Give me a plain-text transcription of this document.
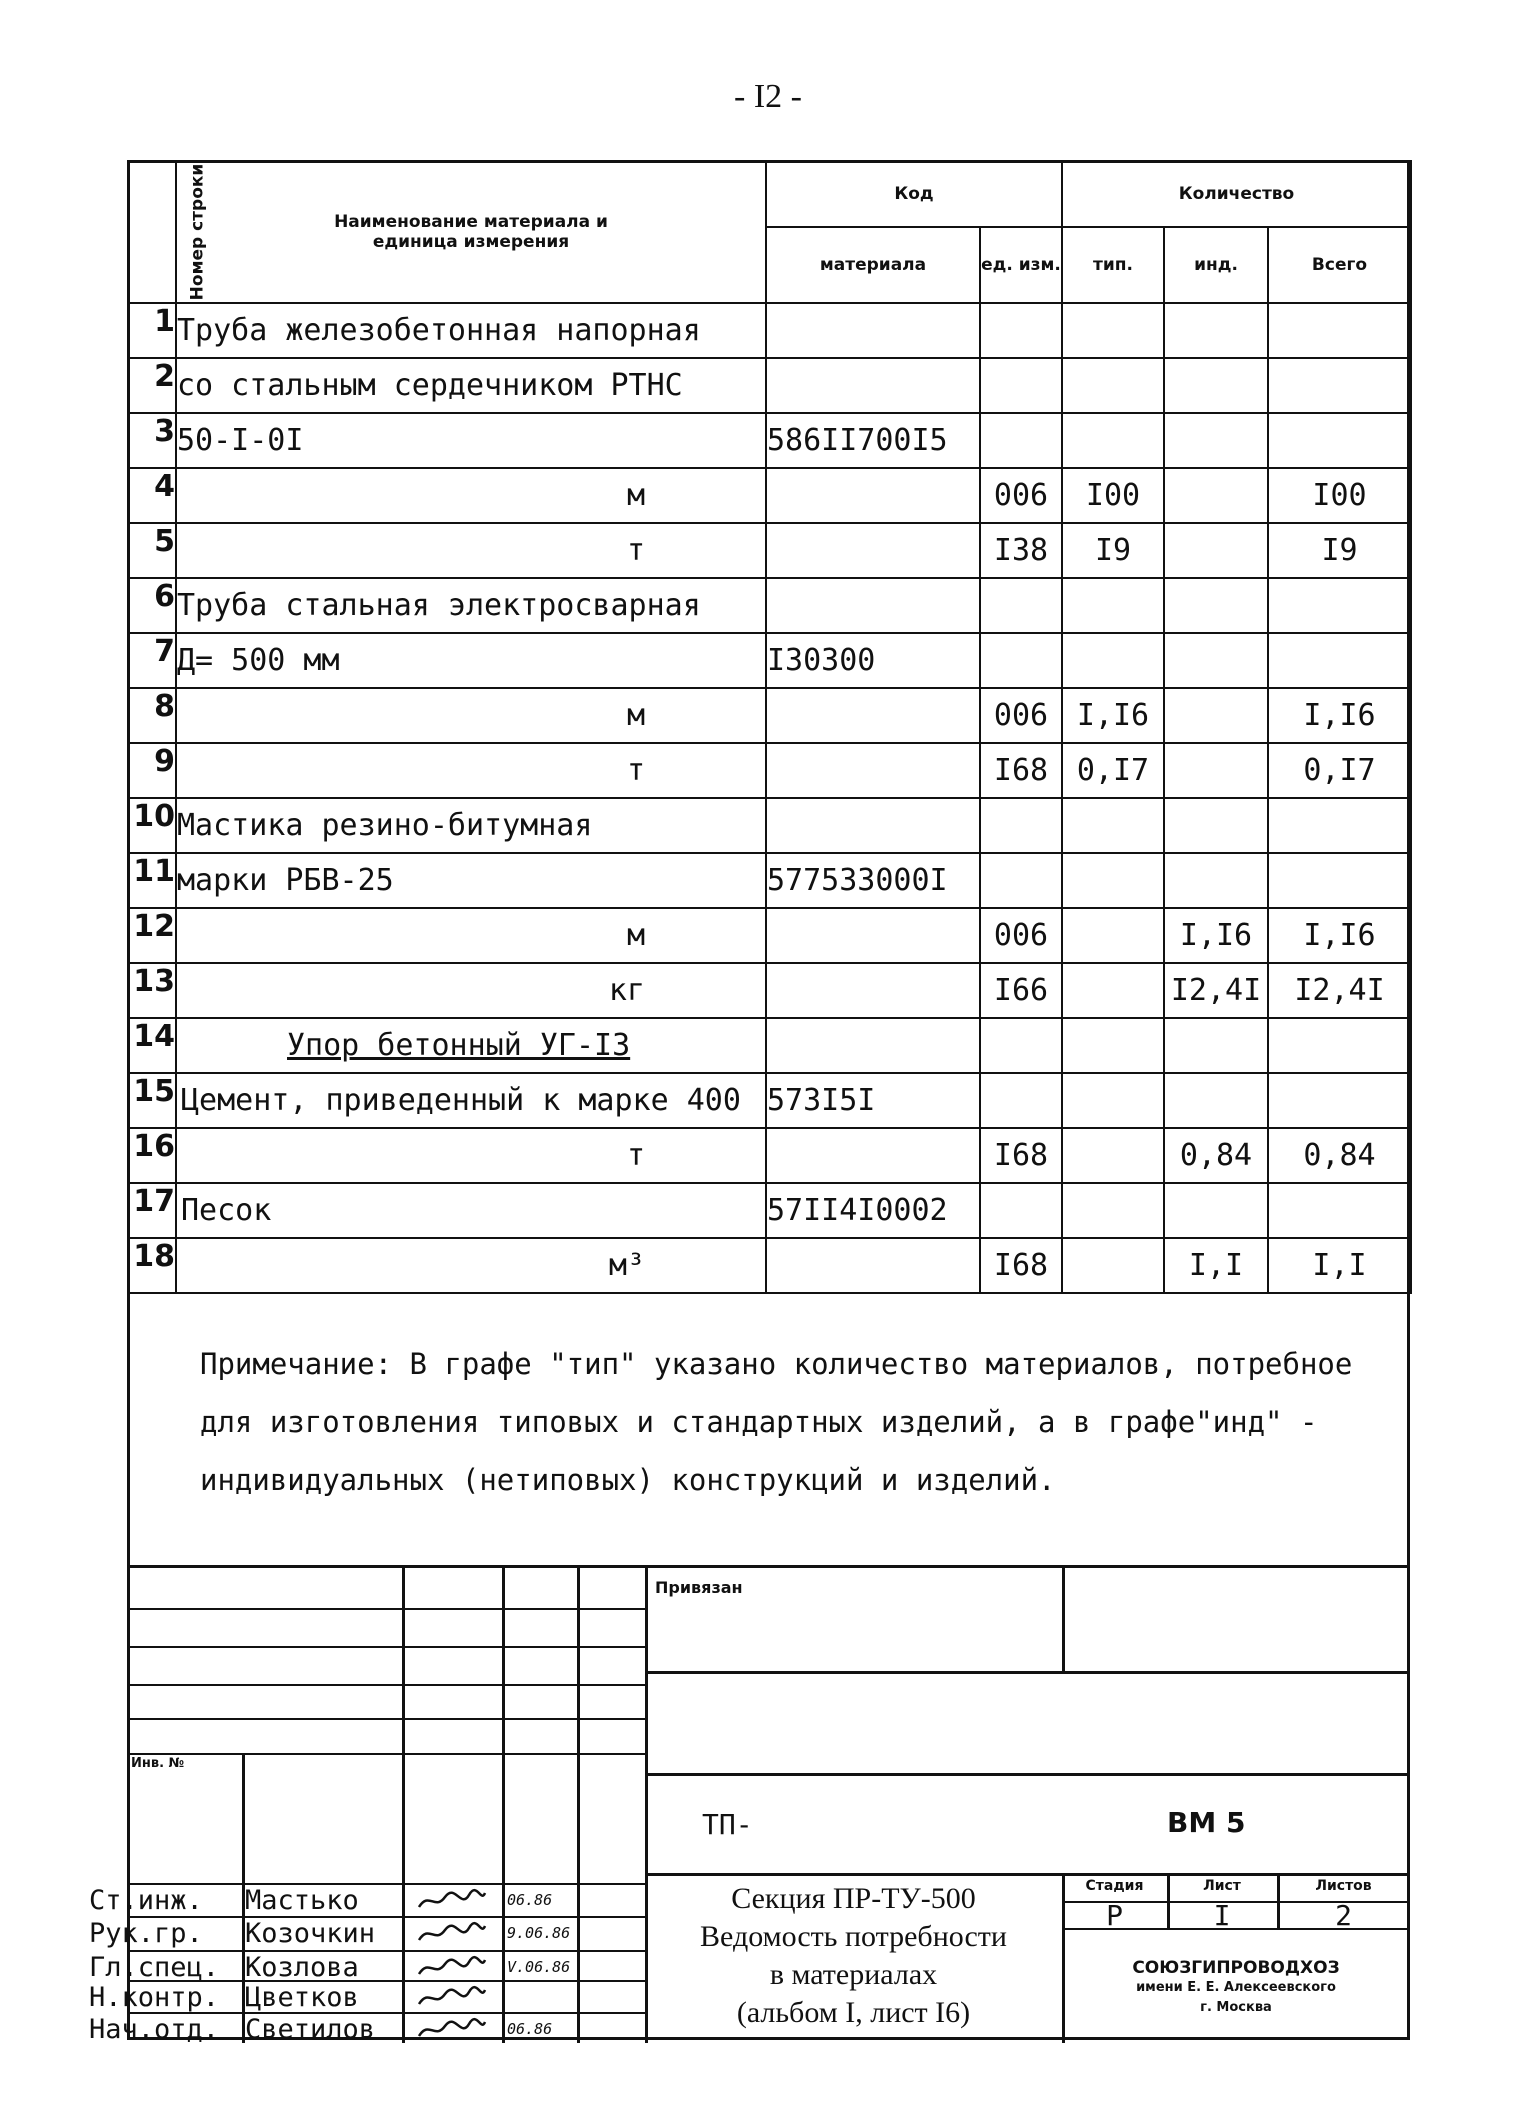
- I2 -
Номер строки	Наименование материала и единица измерения	Код		Количество		
		материала	ед. изм.	тип.	инд.	Всего
1	Труба железобетонная напорная					
2	со стальным сердечником РТНС					
3	50-I-0I	586II700I5				
4	м		006	I00		I00
5	т		I38	I9		I9
6	Труба стальная электросварная					
7	Д= 500 мм	I30300				
8	м		006	I,I6		I,I6
9	т		I68	0,I7		0,I7
10	Мастика резино-битумная					
11	марки РБВ-25	577533000I				
12	м		006		I,I6	I,I6
13	кг		I66		I2,4I	I2,4I
14	Упор бетонный УГ-I3					
15	Цемент, приведенный к марке 400	573I5I				
16	т		I68		0,84	0,84
17	Песок	57II4I0002				
18	м³		I68		I,I	I,I
Примечание: В графе "тип" указано количество материалов, потребное
для изготовления типовых и стандартных изделий, а в графе"инд" -
индивидуальных (нетиповых) конструкций и изделий.
Привязан
Инв. №
ТП-	ВМ 5
Секция ПР-ТУ-500
Ведомость потребности
в материалах
(альбом I, лист I6)
Стадия	Лист	Листов
Р	I	2
СОЮЗГИПРОВОДХОЗ
имени Е. Е. Алексеевского
г. Москва
Ст.инж. Мастько	06.86
Рук.гр. Козочкин	9.06.86
Гл.спец. Козлова	V.06.86
Н.контр. Цветков
Нач.отд. Светилов	06.86
